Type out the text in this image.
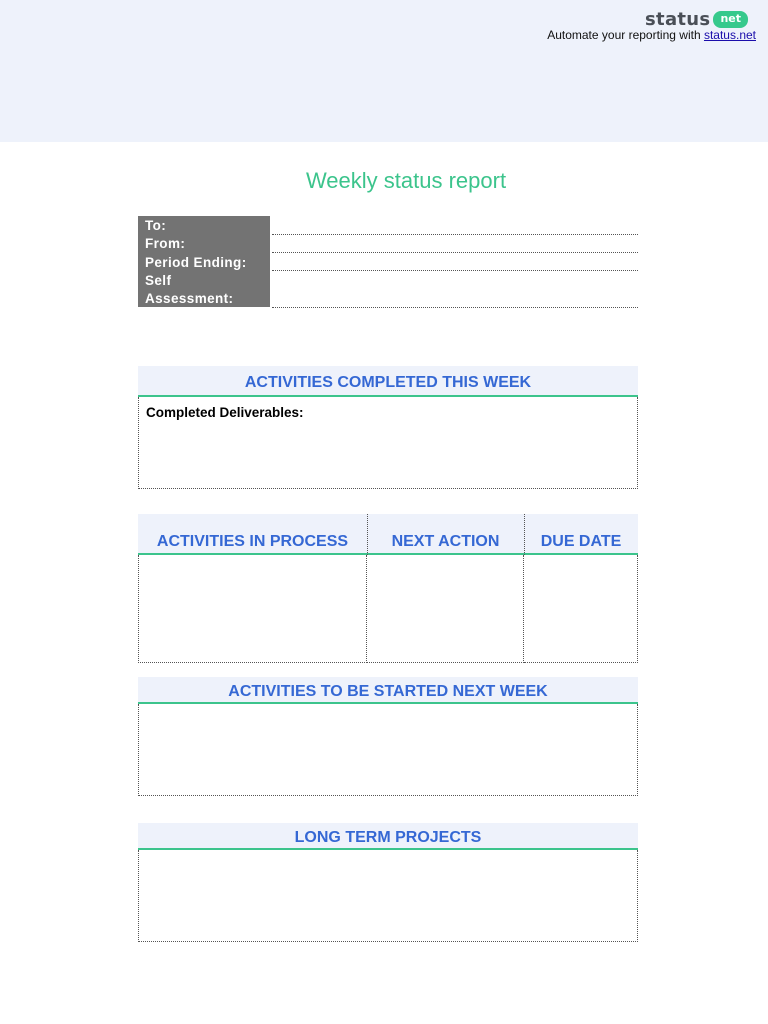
status net
Automate your reporting with status.net
Weekly status report
To:
From:
Period Ending:
Self
Assessment:
ACTIVITIES COMPLETED THIS WEEK
Completed Deliverables:
ACTIVITIES IN PROCESS	NEXT ACTION	DUE DATE
ACTIVITIES TO BE STARTED NEXT WEEK
LONG TERM PROJECTS
